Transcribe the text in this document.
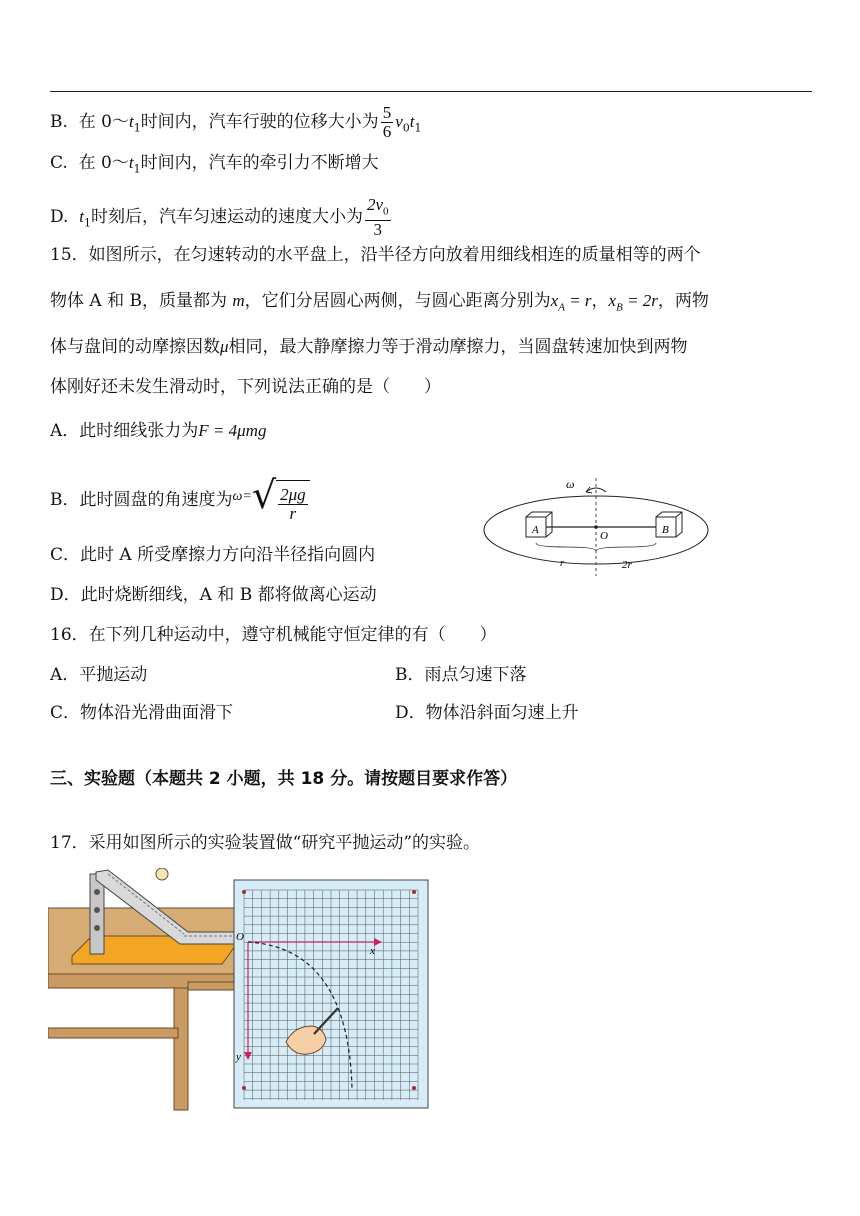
B. 在 $0\sim t_1$时间内，汽车行驶的位移大小为 $\frac{5}{6} v_0t_1$
C. 在 $0\sim t_1$时间内，汽车的牵引力不断增大
D. $t_1$时刻后，汽车匀速运动的速度大小为 $\frac{2v_0}{3}$
15．如图所示，在匀速转动的水平盘上，沿半径方向放着用细线相连的质量相等的两个
物体 A 和 B，质量都为 m，它们分居圆心两侧，与圆心距离分别为$x_A = r$，$x_B = 2r$，两物
体与盘间的动摩擦因数μ相同，最大静摩擦力等于滑动摩擦力，当圆盘转速加快到两物
体刚好还未发生滑动时，下列说法正确的是（　　）
A．此时细线张力为F = 4μmg
B．此时圆盘的角速度为$^{\omega=}$ √ $\frac{2\mu g}{r}$
C．此时 A 所受摩擦力方向沿半径指向圆内
D．此时烧断细线，A 和 B 都将做离心运动
ω
A	B
O
r	2r
16．在下列几种运动中，遵守机械能守恒定律的有（　　）
A．平抛运动	B．雨点匀速下落
C．物体沿光滑曲面滑下	D．物体沿斜面匀速上升
三、实验题（本题共 2 小题，共 18 分。请按题目要求作答）
17．采用如图所示的实验装置做“研究平抛运动”的实验。
O
x
y
